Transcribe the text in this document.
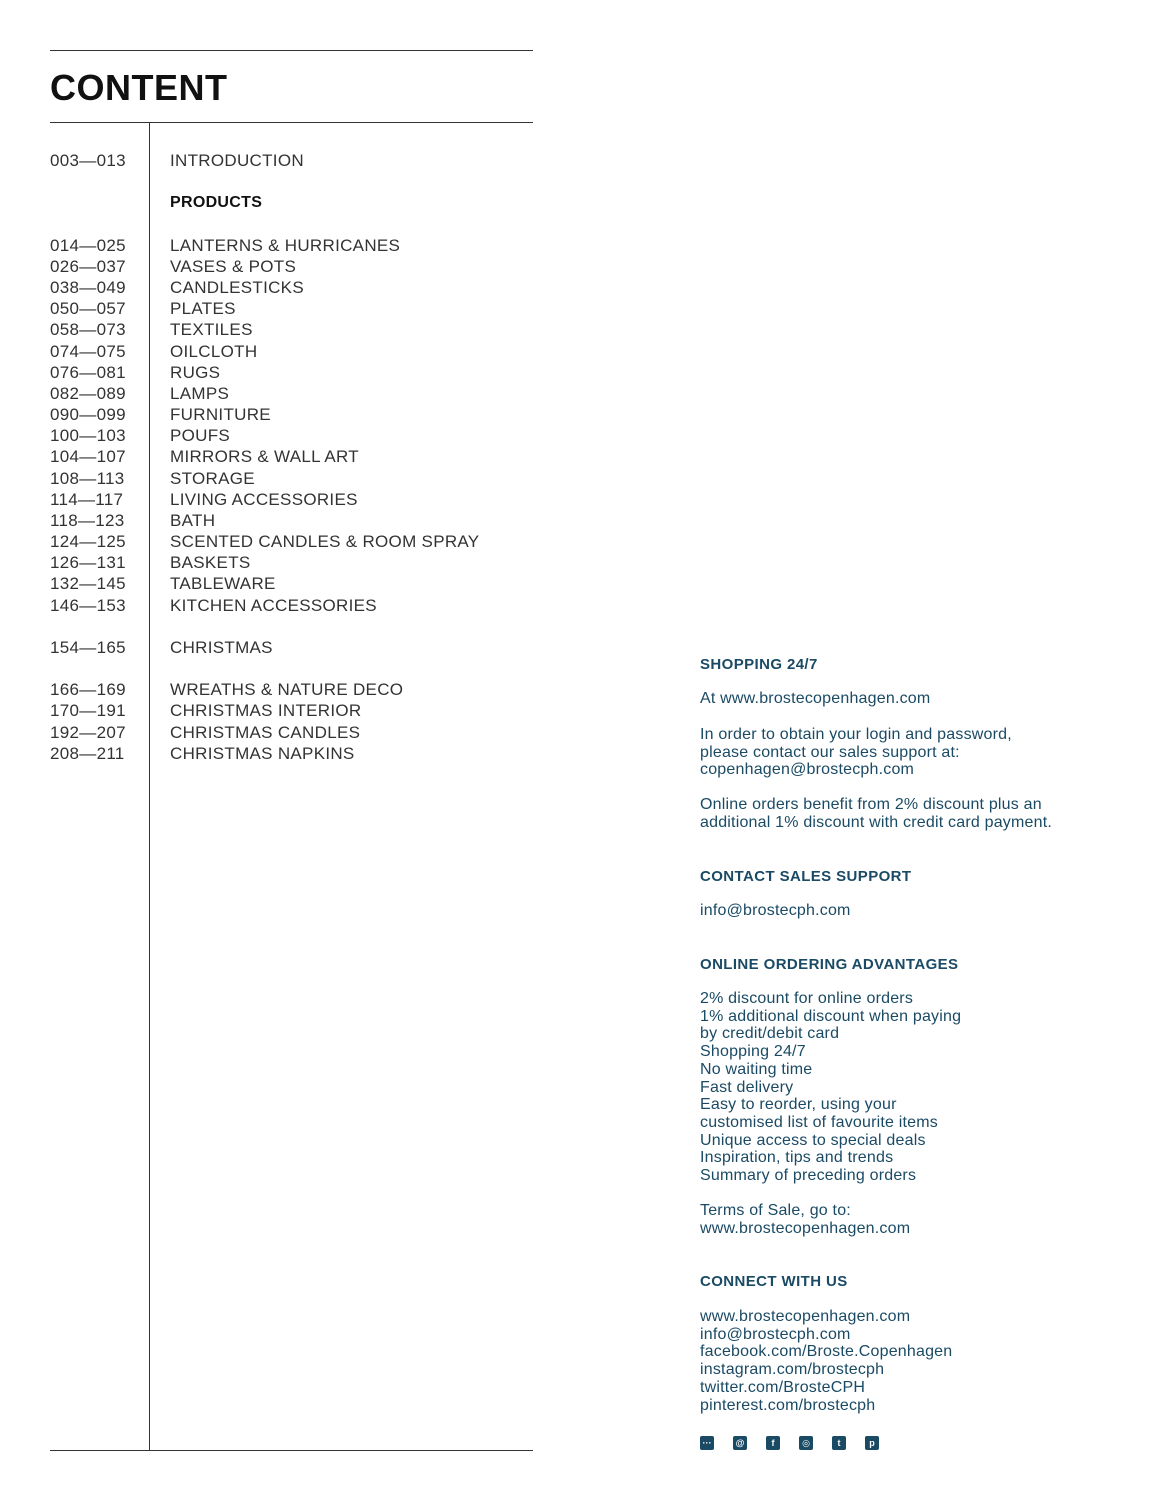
CONTENT
003—013	INTRODUCTION
PRODUCTS
014—025	LANTERNS & HURRICANES
026—037	VASES & POTS
038—049	CANDLESTICKS
050—057	PLATES
058—073	TEXTILES
074—075	OILCLOTH
076—081	RUGS
082—089	LAMPS
090—099	FURNITURE
100—103	POUFS
104—107	MIRRORS & WALL ART
108—113	STORAGE
114—117	LIVING ACCESSORIES
118—123	BATH
124—125	SCENTED CANDLES & ROOM SPRAY
126—131	BASKETS
132—145	TABLEWARE
146—153	KITCHEN ACCESSORIES
154—165	CHRISTMAS
166—169	WREATHS & NATURE DECO
170—191	CHRISTMAS INTERIOR
192—207	CHRISTMAS CANDLES
208—211	CHRISTMAS NAPKINS
SHOPPING 24/7
At www.brostecopenhagen.com
In order to obtain your login and password,
please contact our sales support at:
copenhagen@brostecph.com
Online orders benefit from 2% discount plus an
additional 1% discount with credit card payment.
CONTACT SALES SUPPORT
info@brostecph.com
ONLINE ORDERING ADVANTAGES
2% discount for online orders
1% additional discount when paying
by credit/debit card
Shopping 24/7
No waiting time
Fast delivery
Easy to reorder, using your
customised list of favourite items
Unique access to special deals
Inspiration, tips and trends
Summary of preceding orders
Terms of Sale, go to:
www.brostecopenhagen.com
CONNECT WITH US
www.brostecopenhagen.com
info@brostecph.com
facebook.com/Broste.Copenhagen
instagram.com/brostecph
twitter.com/BrosteCPH
pinterest.com/brostecph
···	@	f	◎	t	p
